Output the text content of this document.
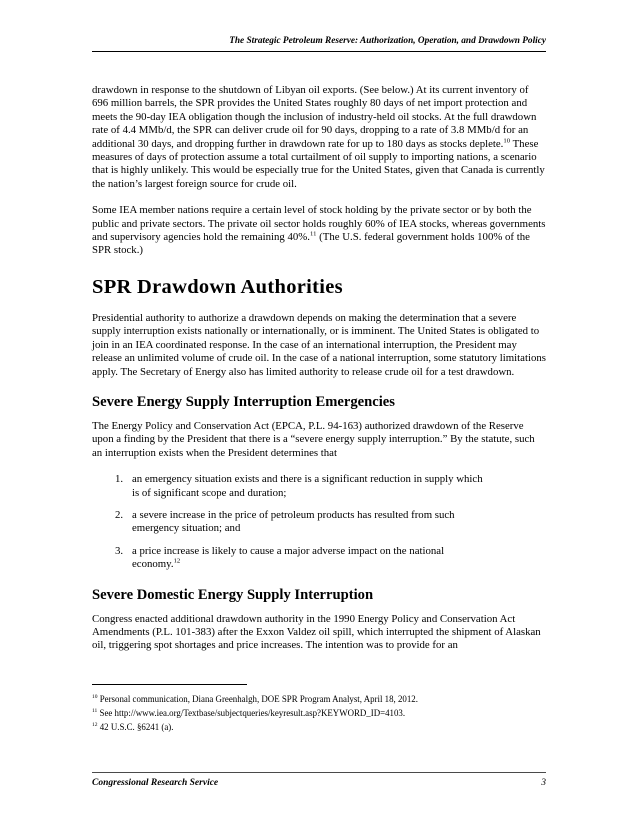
The Strategic Petroleum Reserve: Authorization, Operation, and Drawdown Policy

drawdown in response to the shutdown of Libyan oil exports. (See below.) At its current inventory of 696 million barrels, the SPR provides the United States roughly 80 days of net import protection and meets the 90-day IEA obligation though the inclusion of industry-held oil stocks. At the full drawdown rate of 4.4 MMb/d, the SPR can deliver crude oil for 90 days, dropping to a rate of 3.8 MMb/d for an additional 30 days, and dropping further in drawdown rate for up to 180 days as stocks deplete.$^{10}$ These measures of days of protection assume a total curtailment of oil supply to importing nations, a scenario that is highly unlikely. This would be especially true for the United States, given that Canada is currently the nation’s largest foreign source for crude oil.

Some IEA member nations require a certain level of stock holding by the private sector or by both the public and private sectors. The private oil sector holds roughly 60% of IEA stocks, whereas governments and supervisory agencies hold the remaining 40%.$^{11}$ (The U.S. federal government holds 100% of the SPR stock.)

SPR Drawdown Authorities

Presidential authority to authorize a drawdown depends on making the determination that a severe supply interruption exists nationally or internationally, or is imminent. The United States is obligated to join in an IEA coordinated response. In the case of an international interruption, the President may release an unlimited volume of crude oil. In the case of a national interruption, some statutory limitations apply. The Secretary of Energy also has limited authority to release crude oil for a test drawdown.

Severe Energy Supply Interruption Emergencies

The Energy Policy and Conservation Act (EPCA, P.L. 94-163) authorized drawdown of the Reserve upon a finding by the President that there is a “severe energy supply interruption.” By the statute, such an interruption exists when the President determines that

1. an emergency situation exists and there is a significant reduction in supply which is of significant scope and duration;
2. a severe increase in the price of petroleum products has resulted from such emergency situation; and
3. a price increase is likely to cause a major adverse impact on the national economy.$^{12}$
Severe Domestic Energy Supply Interruption

Congress enacted additional drawdown authority in the 1990 Energy Policy and Conservation Act Amendments (P.L. 101-383) after the Exxon Valdez oil spill, which interrupted the shipment of Alaskan oil, triggering spot shortages and price increases. The intention was to provide for an

$^{10}$ Personal communication, Diana Greenhalgh, DOE SPR Program Analyst, April 18, 2012.
$^{11}$ See http://www.iea.org/Textbase/subjectqueries/keyresult.asp?KEYWORD_ID=4103.
$^{12}$ 42 U.S.C. §6241 (a).
Congressional Research Service	3
